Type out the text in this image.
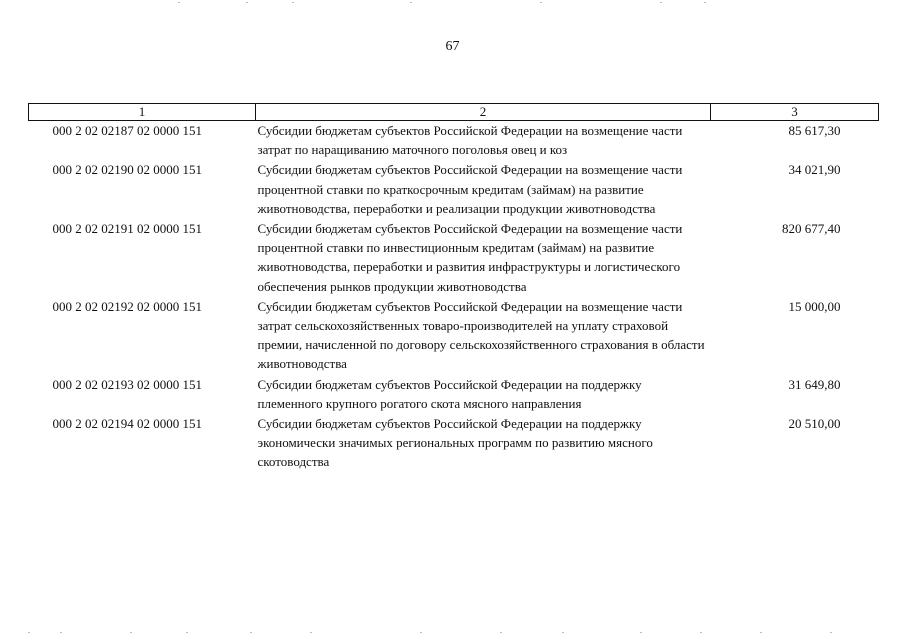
67
1	2	3
000 2 02 02187 02 0000 151	Субсидии бюджетам субъектов Российской Федерации на возмещение части затрат по наращиванию маточного поголовья овец и коз	85 617,30
000 2 02 02190 02 0000 151	Субсидии бюджетам субъектов Российской Федерации на возмещение части процентной ставки по краткосрочным кредитам (займам) на развитие животноводства, переработки и реализации продукции животноводства	34 021,90
000 2 02 02191 02 0000 151	Субсидии бюджетам субъектов Российской Федерации на возмещение части процентной ставки по инвестиционным кредитам (займам) на развитие животноводства, переработки и развития инфраструктуры и логистического обеспечения рынков продукции животноводства	820 677,40
000 2 02 02192 02 0000 151	Субсидии бюджетам субъектов Российской Федерации на возмещение части затрат сельскохозяйственных товаро-производителей на уплату страховой премии, начисленной по договору сельскохозяйственного страхования в области животноводства	15 000,00
000 2 02 02193 02 0000 151	Субсидии бюджетам субъектов Российской Федерации на поддержку племенного крупного рогатого скота мясного направления	31 649,80
000 2 02 02194 02 0000 151	Субсидии бюджетам субъектов Российской Федерации на поддержку экономически значимых региональных программ по развитию мясного скотоводства	20 510,00
